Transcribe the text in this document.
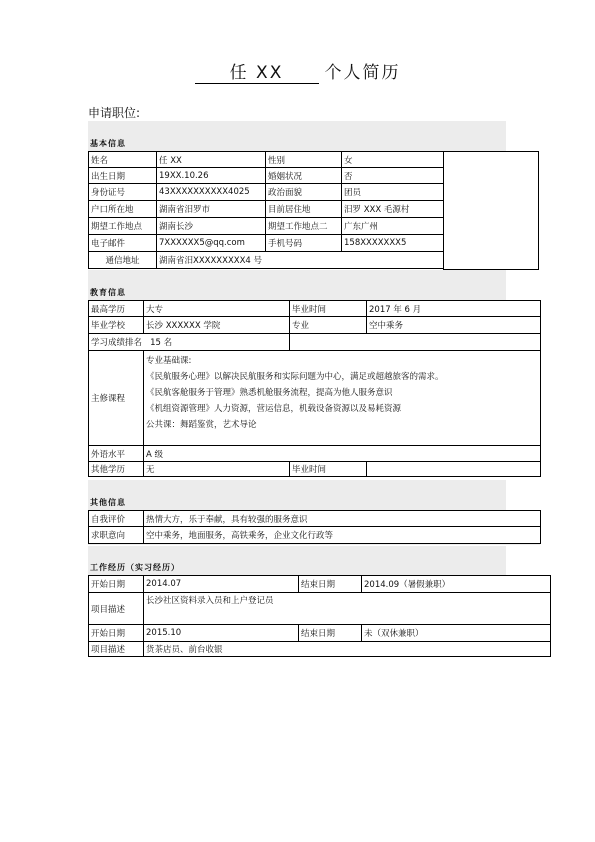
任 XX 个人简历
申请职位:
基本信息
姓名	任 XX	性别	女
出生日期	19XX.10.26	婚姻状况	否
身份证号	43XXXXXXXXXX4025	政治面貌	团员
户口所在地	湖南省汨罗市	目前居住地	汨罗 XXX 毛源村
期望工作地点	湖南长沙	期望工作地点二	广东广州
电子邮件	7XXXXXX5@qq.com	手机号码	158XXXXXXX5
通信地址	湖南省汨XXXXXXXXX4 号		
教育信息
最高学历	大专	毕业时间	2017 年 6 月
毕业学校	长沙 XXXXXX 学院	专业	空中乘务
学习成绩排名 15 名			
主修课程	专业基础课:
《民航服务心理》以解决民航服务和实际问题为中心，满足或超越旅客的需求。
《民航客舱服务于管理》熟悉机舱服务流程，提高为他人服务意识
《机组资源管理》人力资源，营运信息，机载设备资源以及易耗资源
公共课：舞蹈鉴赏，艺术导论		

外语水平	A 级		
其他学历	无	毕业时间	
其他信息
自我评价	热情大方，乐于奉献，具有较强的服务意识
求职意向	空中乘务，地面服务，高铁乘务，企业文化行政等
工作经历（实习经历）
开始日期	2014.07	结束日期	2014.09（暑假兼职）
项目描述	长沙社区资料录入员和上户登记员		
开始日期	2015.10	结束日期	未（双休兼职）
项目描述	货茶店员、前台收银		
